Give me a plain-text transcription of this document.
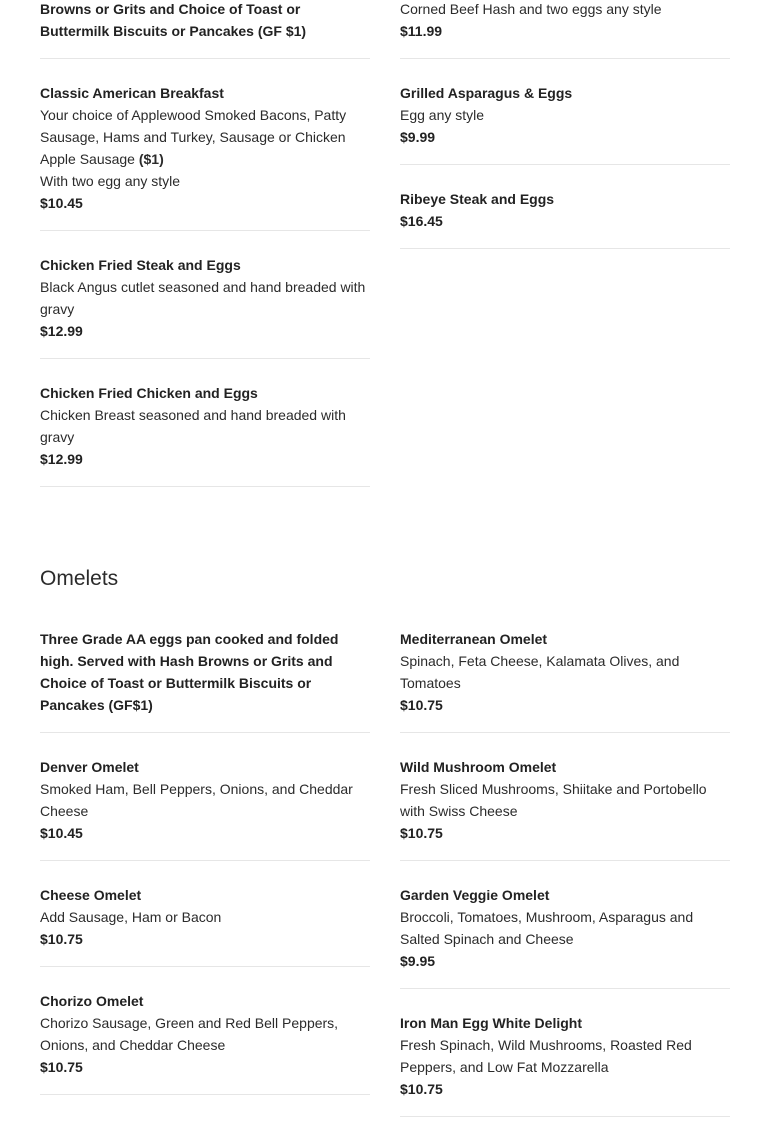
Browns or Grits and Choice of Toast or Buttermilk Biscuits or Pancakes (GF $1)
Classic American Breakfast
Your choice of Applewood Smoked Bacons, Patty Sausage, Hams and Turkey, Sausage or Chicken Apple Sausage ($1)
With two egg any style
$10.45
Chicken Fried Steak and Eggs
Black Angus cutlet seasoned and hand breaded with gravy
$12.99
Chicken Fried Chicken and Eggs
Chicken Breast seasoned and hand breaded with gravy
$12.99
Corned Beef Hash and two eggs any style
$11.99
Grilled Asparagus & Eggs
Egg any style
$9.99
Ribeye Steak and Eggs
$16.45
Omelets
Three Grade AA eggs pan cooked and folded high. Served with Hash Browns or Grits and Choice of Toast or Buttermilk Biscuits or Pancakes (GF$1)
Denver Omelet
Smoked Ham, Bell Peppers, Onions, and Cheddar Cheese
$10.45
Cheese Omelet
Add Sausage, Ham or Bacon
$10.75
Chorizo Omelet
Chorizo Sausage, Green and Red Bell Peppers, Onions, and Cheddar Cheese
$10.75
Mediterranean Omelet
Spinach, Feta Cheese, Kalamata Olives, and Tomatoes
$10.75
Wild Mushroom Omelet
Fresh Sliced Mushrooms, Shiitake and Portobello with Swiss Cheese
$10.75
Garden Veggie Omelet
Broccoli, Tomatoes, Mushroom, Asparagus and Salted Spinach and Cheese
$9.95
Iron Man Egg White Delight
Fresh Spinach, Wild Mushrooms, Roasted Red Peppers, and Low Fat Mozzarella
$10.75
